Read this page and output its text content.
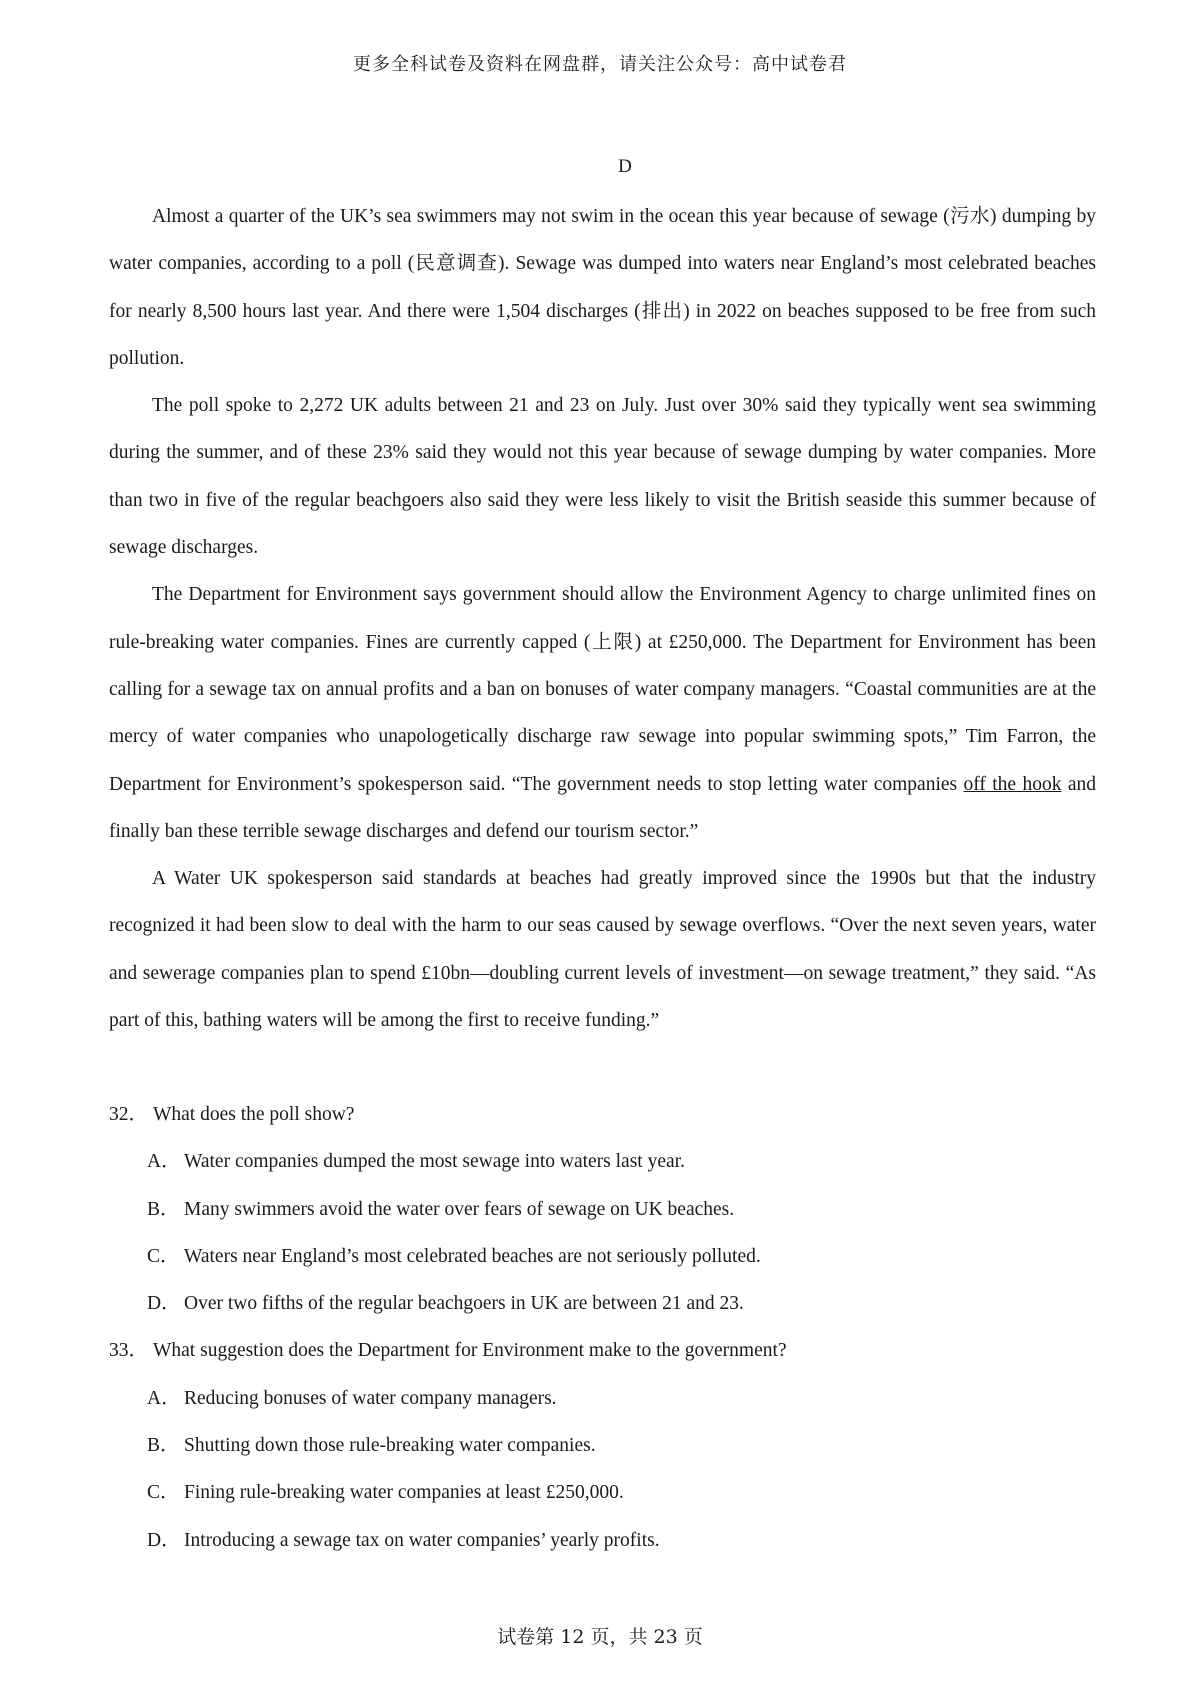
更多全科试卷及资料在网盘群，请关注公众号：高中试卷君
D

Almost a quarter of the UK’s sea swimmers may not swim in the ocean this year because of sewage (污水) dumping by water companies, according to a poll (民意调查). Sewage was dumped into waters near England’s most celebrated beaches for nearly 8,500 hours last year. And there were 1,504 discharges (排出) in 2022 on beaches supposed to be free from such pollution.

The poll spoke to 2,272 UK adults between 21 and 23 on July. Just over 30% said they typically went sea swimming during the summer, and of these 23% said they would not this year because of sewage dumping by water companies. More than two in five of the regular beachgoers also said they were less likely to visit the British seaside this summer because of sewage discharges.

The Department for Environment says government should allow the Environment Agency to charge unlimited fines on rule-breaking water companies. Fines are currently capped (上限) at £250,000. The Department for Environment has been calling for a sewage tax on annual profits and a ban on bonuses of water company managers. “Coastal communities are at the mercy of water companies who unapologetically discharge raw sewage into popular swimming spots,” Tim Farron, the Department for Environment’s spokesperson said. “The government needs to stop letting water companies off the hook and finally ban these terrible sewage discharges and defend our tourism sector.”

A Water UK spokesperson said standards at beaches had greatly improved since the 1990s but that the industry recognized it had been slow to deal with the harm to our seas caused by sewage overflows. “Over the next seven years, water and sewerage companies plan to spend £10bn—doubling current levels of investment—on sewage treatment,” they said. “As part of this, bathing waters will be among the first to receive funding.”

32． What does the poll show?
A． Water companies dumped the most sewage into waters last year.
B． Many swimmers avoid the water over fears of sewage on UK beaches.
C． Waters near England’s most celebrated beaches are not seriously polluted.
D． Over two fifths of the regular beachgoers in UK are between 21 and 23.
33． What suggestion does the Department for Environment make to the government?
A． Reducing bonuses of water company managers.
B． Shutting down those rule-breaking water companies.
C． Fining rule-breaking water companies at least £250,000.
D． Introducing a sewage tax on water companies’ yearly profits.
试卷第 12 页，共 23 页
